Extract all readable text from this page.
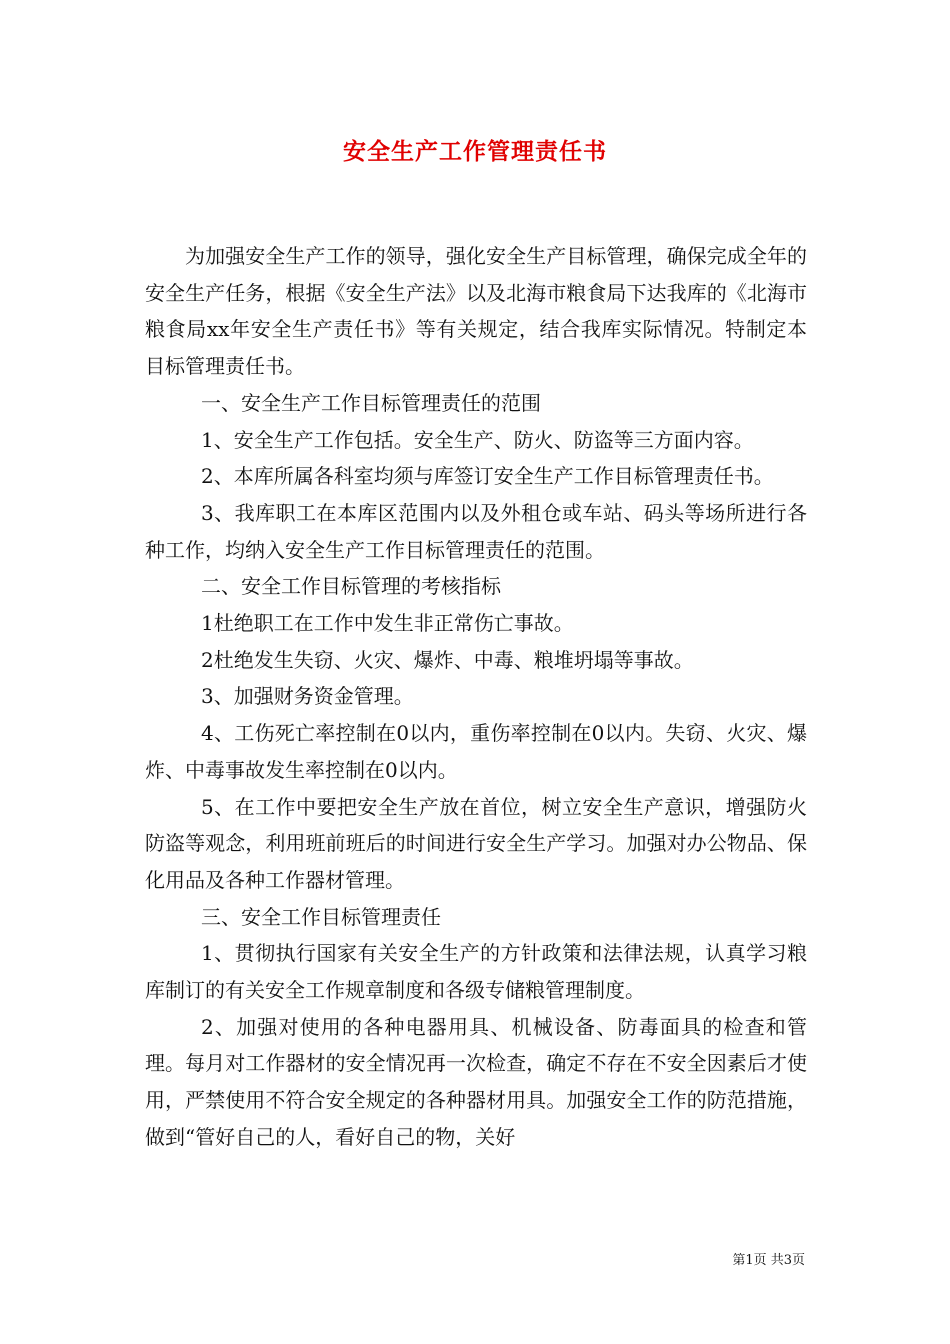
安全生产工作管理责任书

为加强安全生产工作的领导，强化安全生产目标管理，确保完成全年的安全生产任务，根据《安全生产法》以及北海市粮食局下达我库的《北海市粮食局xx年安全生产责任书》等有关规定，结合我库实际情况。特制定本目标管理责任书。

一、安全生产工作目标管理责任的范围

1、安全生产工作包括。安全生产、防火、防盗等三方面内容。

2、本库所属各科室均须与库签订安全生产工作目标管理责任书。

3、我库职工在本库区范围内以及外租仓或车站、码头等场所进行各种工作，均纳入安全生产工作目标管理责任的范围。

二、安全工作目标管理的考核指标

1杜绝职工在工作中发生非正常伤亡事故。

2杜绝发生失窃、火灾、爆炸、中毒、粮堆坍塌等事故。

3、加强财务资金管理。

4、工伤死亡率控制在0以内，重伤率控制在0以内。失窃、火灾、爆炸、中毒事故发生率控制在0以内。

5、在工作中要把安全生产放在首位，树立安全生产意识，增强防火防盗等观念，利用班前班后的时间进行安全生产学习。加强对办公物品、保化用品及各种工作器材管理。

三、安全工作目标管理责任

1、贯彻执行国家有关安全生产的方针政策和法律法规，认真学习粮库制订的有关安全工作规章制度和各级专储粮管理制度。

2、加强对使用的各种电器用具、机械设备、防毒面具的检查和管理。每月对工作器材的安全情况再一次检查，确定不存在不安全因素后才使用，严禁使用不符合安全规定的各种器材用具。加强安全工作的防范措施，做到“管好自己的人，看好自己的物，关好

第1页 共3页
